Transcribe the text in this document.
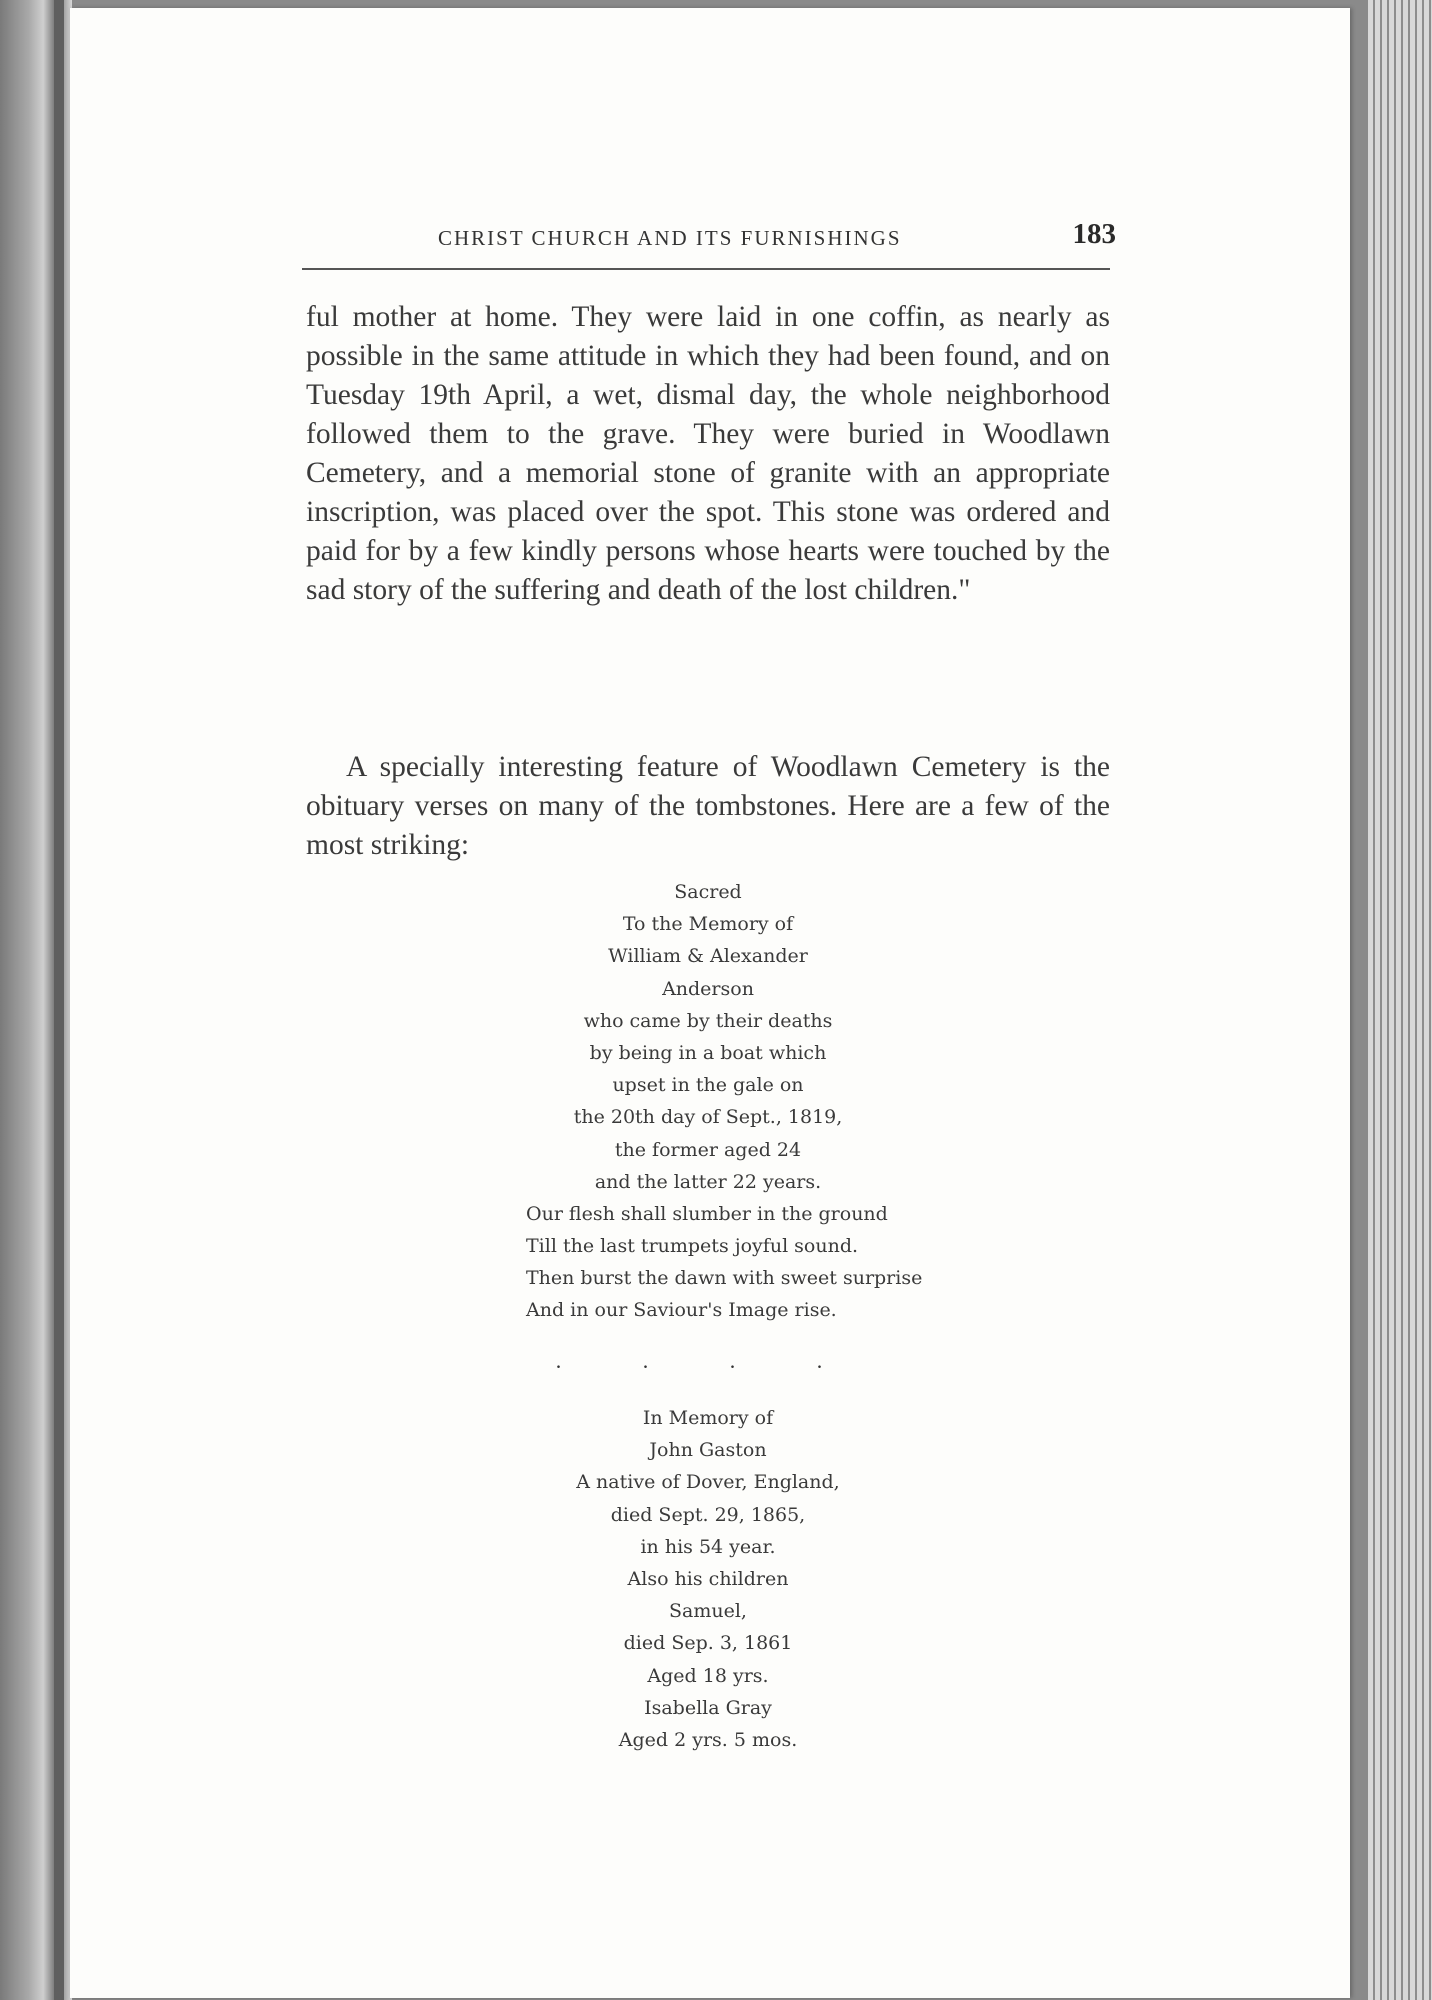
CHRIST CHURCH AND ITS FURNISHINGS	183

ful mother at home. They were laid in one coffin, as nearly as possible in the same attitude in which they had been found, and on Tuesday 19th April, a wet, dismal day, the whole neighborhood followed them to the grave. They were buried in Woodlawn Cemetery, and a memorial stone of granite with an appropriate inscription, was placed over the spot. This stone was ordered and paid for by a few kindly persons whose hearts were touched by the sad story of the suffering and death of the lost children."

A specially interesting feature of Woodlawn Cemetery is the obituary verses on many of the tombstones. Here are a few of the most striking:

Sacred
To the Memory of
William & Alexander
Anderson
who came by their deaths
by being in a boat which
upset in the gale on
the 20th day of Sept., 1819,
the former aged 24
and the latter 22 years.
Our flesh shall slumber in the ground
Till the last trumpets joyful sound.
Then burst the dawn with sweet surprise
And in our Saviour's Image rise.
. . . .
In Memory of
John Gaston
A native of Dover, England,
died Sept. 29, 1865,
in his 54 year.
Also his children
Samuel,
died Sep. 3, 1861
Aged 18 yrs.
Isabella Gray
Aged 2 yrs. 5 mos.
